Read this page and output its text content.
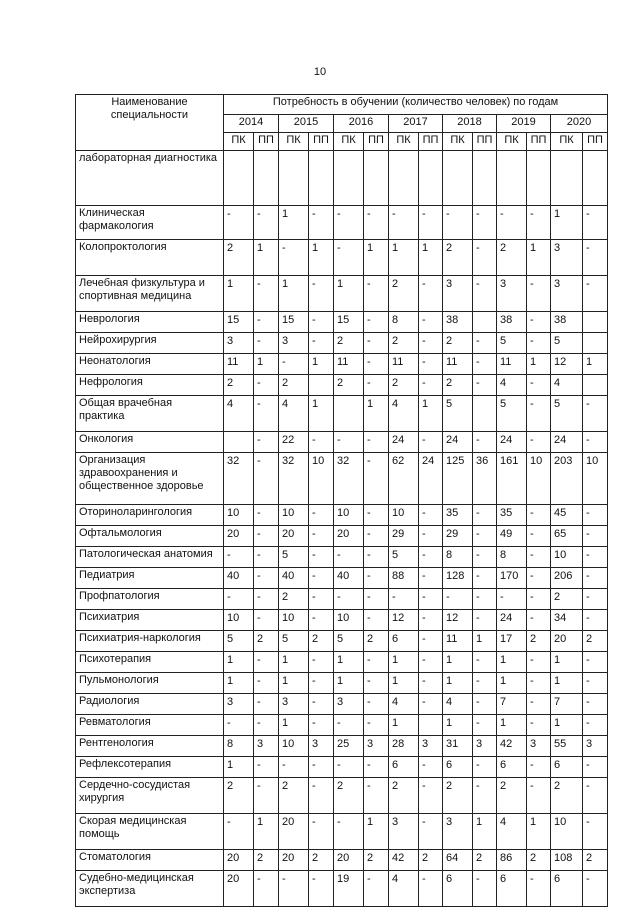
10
Наименование специальности	Потребность в обучении (количество человек) по годам													
	2014		2015		2016		2017		2018		2019		2020	
	ПК	ПП	ПК	ПП	ПК	ПП	ПК	ПП	ПК	ПП	ПК	ПП	ПК	ПП
лабораторная диагностика														
Клиническая фармакология	-	-	1	-	-	-	-	-	-	-	-	-	1	-
Колопроктология	2	1	-	1	-	1	1	1	2	-	2	1	3	-
Лечебная физкультура и спортивная медицина	1	-	1	-	1	-	2	-	3	-	3	-	3	-
Неврология	15	-	15	-	15	-	8	-	38		38	-	38	
Нейрохирургия	3	-	3	-	2	-	2	-	2	-	5	-	5	
Неонатология	11	1	-	1	11	-	11	-	11	-	11	1	12	1
Нефрология	2	-	2		2	-	2	-	2	-	4	-	4	
Общая врачебная практика	4	-	4	1		1	4	1	5		5	-	5	-
Онкология		-	22	-	-	-	24	-	24	-	24	-	24	-
Организация здравоохранения и общественное здоровье	32	-	32	10	32	-	62	24	125	36	161	10	203	10
Оториноларингология	10	-	10	-	10	-	10	-	35	-	35	-	45	-
Офтальмология	20	-	20	-	20	-	29	-	29	-	49	-	65	-
Патологическая анатомия	-	-	5	-	-	-	5	-	8	-	8	-	10	-
Педиатрия	40	-	40	-	40	-	88	-	128	-	170	-	206	-
Профпатология	-	-	2	-	-	-	-	-	-	-	-	-	2	-
Психиатрия	10	-	10	-	10	-	12	-	12	-	24	-	34	-
Психиатрия-наркология	5	2	5	2	5	2	6	-	11	1	17	2	20	2
Психотерапия	1	-	1	-	1	-	1	-	1	-	1	-	1	-
Пульмонология	1	-	1	-	1	-	1	-	1	-	1	-	1	-
Радиология	3	-	3	-	3	-	4	-	4	-	7	-	7	-
Ревматология	-	-	1	-	-	-	1		1	-	1	-	1	-
Рентгенология	8	3	10	3	25	3	28	3	31	3	42	3	55	3
Рефлексотерапия	1	-	-	-	-	-	6	-	6	-	6	-	6	-
Сердечно-сосудистая хирургия	2	-	2	-	2	-	2	-	2	-	2	-	2	-
Скорая медицинская помощь	-	1	20	-	-	1	3	-	3	1	4	1	10	-
Стоматология	20	2	20	2	20	2	42	2	64	2	86	2	108	2
Судебно-медицинская экспертиза	20	-	-	-	19	-	4	-	6	-	6	-	6	-
